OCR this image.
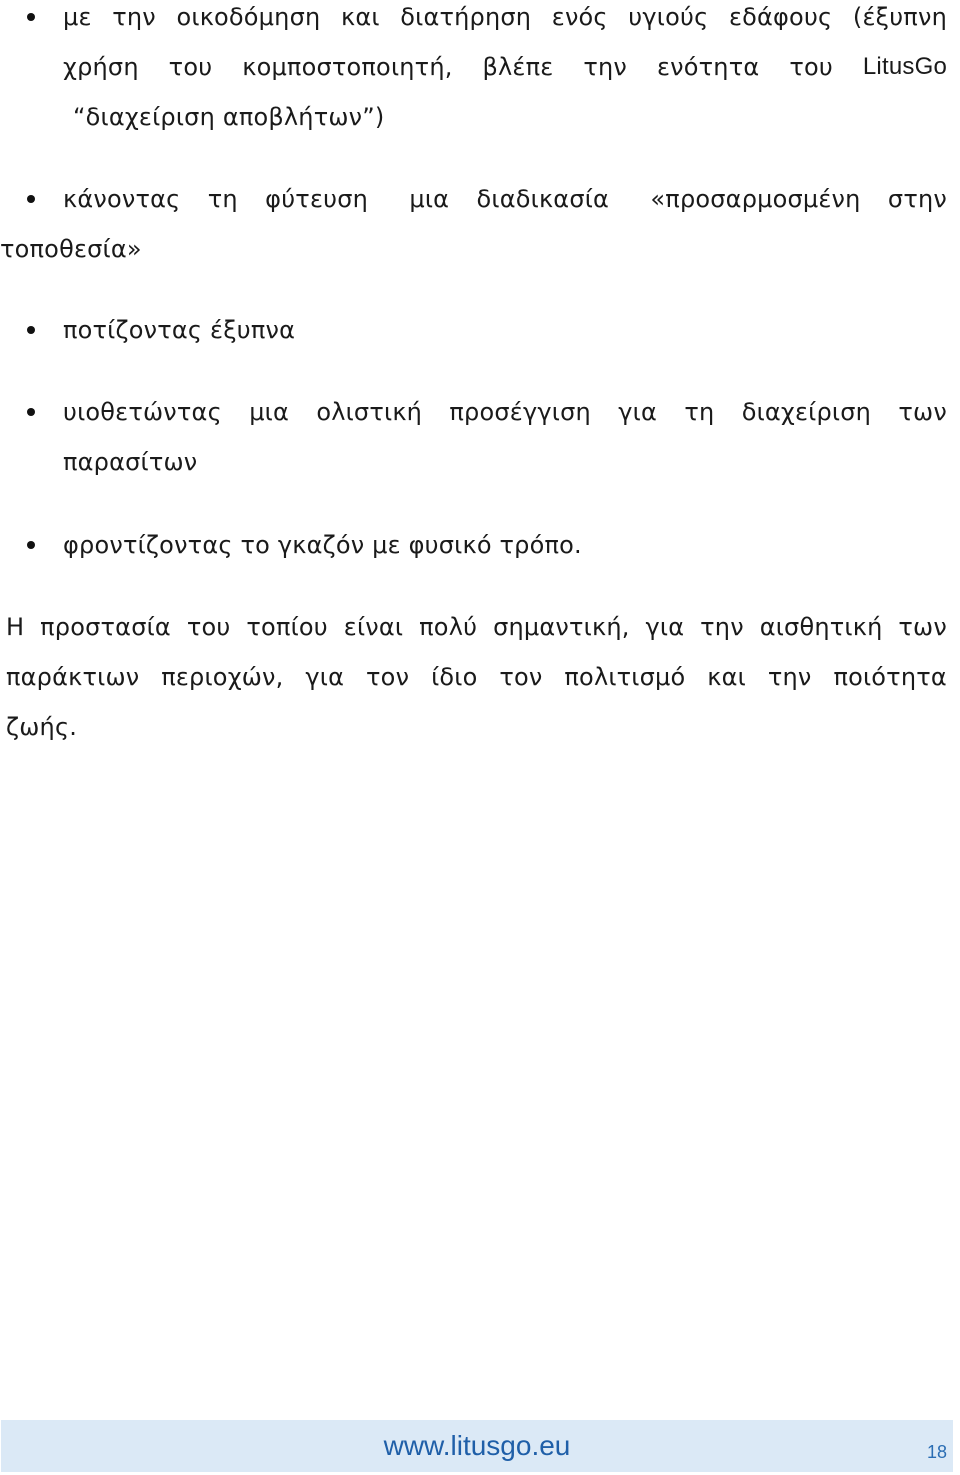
με την οικοδόμηση και διατήρηση ενός υγιούς εδάφους (έξυπνη
χρήση του κομποστοποιητή, βλέπε την ενότητα του LitusGo
“διαχείριση αποβλήτων”)
κάνοντας τη φύτευση μια διαδικασία «προσαρμοσμένη στην
τοποθεσία»
ποτίζοντας έξυπνα
υιοθετώντας μια ολιστική προσέγγιση για τη διαχείριση των
παρασίτων
φροντίζοντας το γκαζόν με φυσικό τρόπο.
Η προστασία του τοπίου είναι πολύ σημαντική, για την αισθητική των
παράκτιων περιοχών, για τον ίδιο τον πολιτισμό και την ποιότητα
ζωής.
www.litusgo.eu	18
